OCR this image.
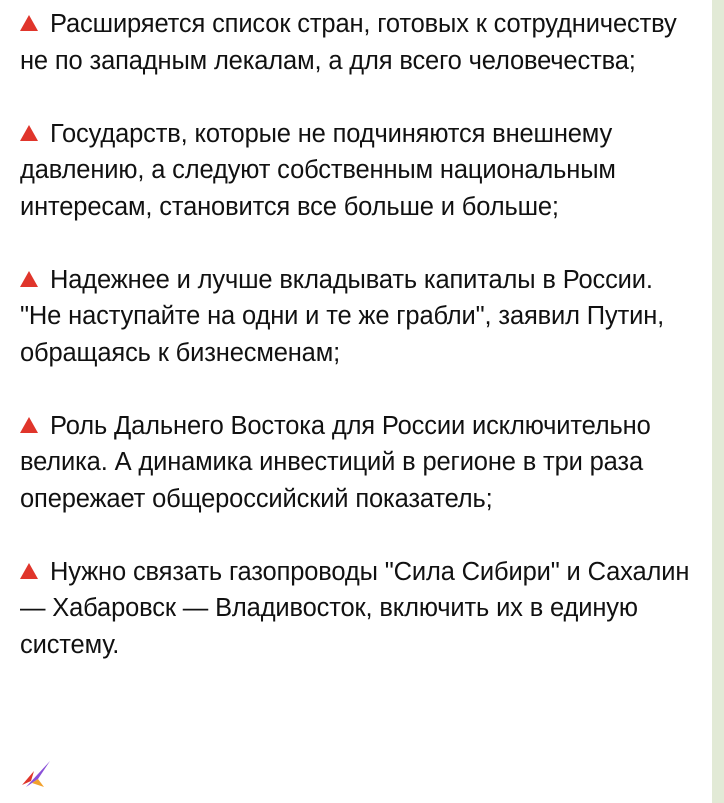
Расширяется список стран, готовых к сотрудничеству не по западным лекалам, а для всего человечества;

Государств, которые не подчиняются внешнему давлению, а следуют собственным национальным интересам, становится все больше и больше;

Надежнее и лучше вкладывать капиталы в России. "Не наступайте на одни и те же грабли", заявил Путин, обращаясь к бизнесменам;

Роль Дальнего Востока для России исключительно велика. А динамика инвестиций в регионе в три раза опережает общероссийский показатель;

Нужно связать газопроводы "Сила Сибири" и Сахалин — Хабаровск — Владивосток, включить их в единую систему.
